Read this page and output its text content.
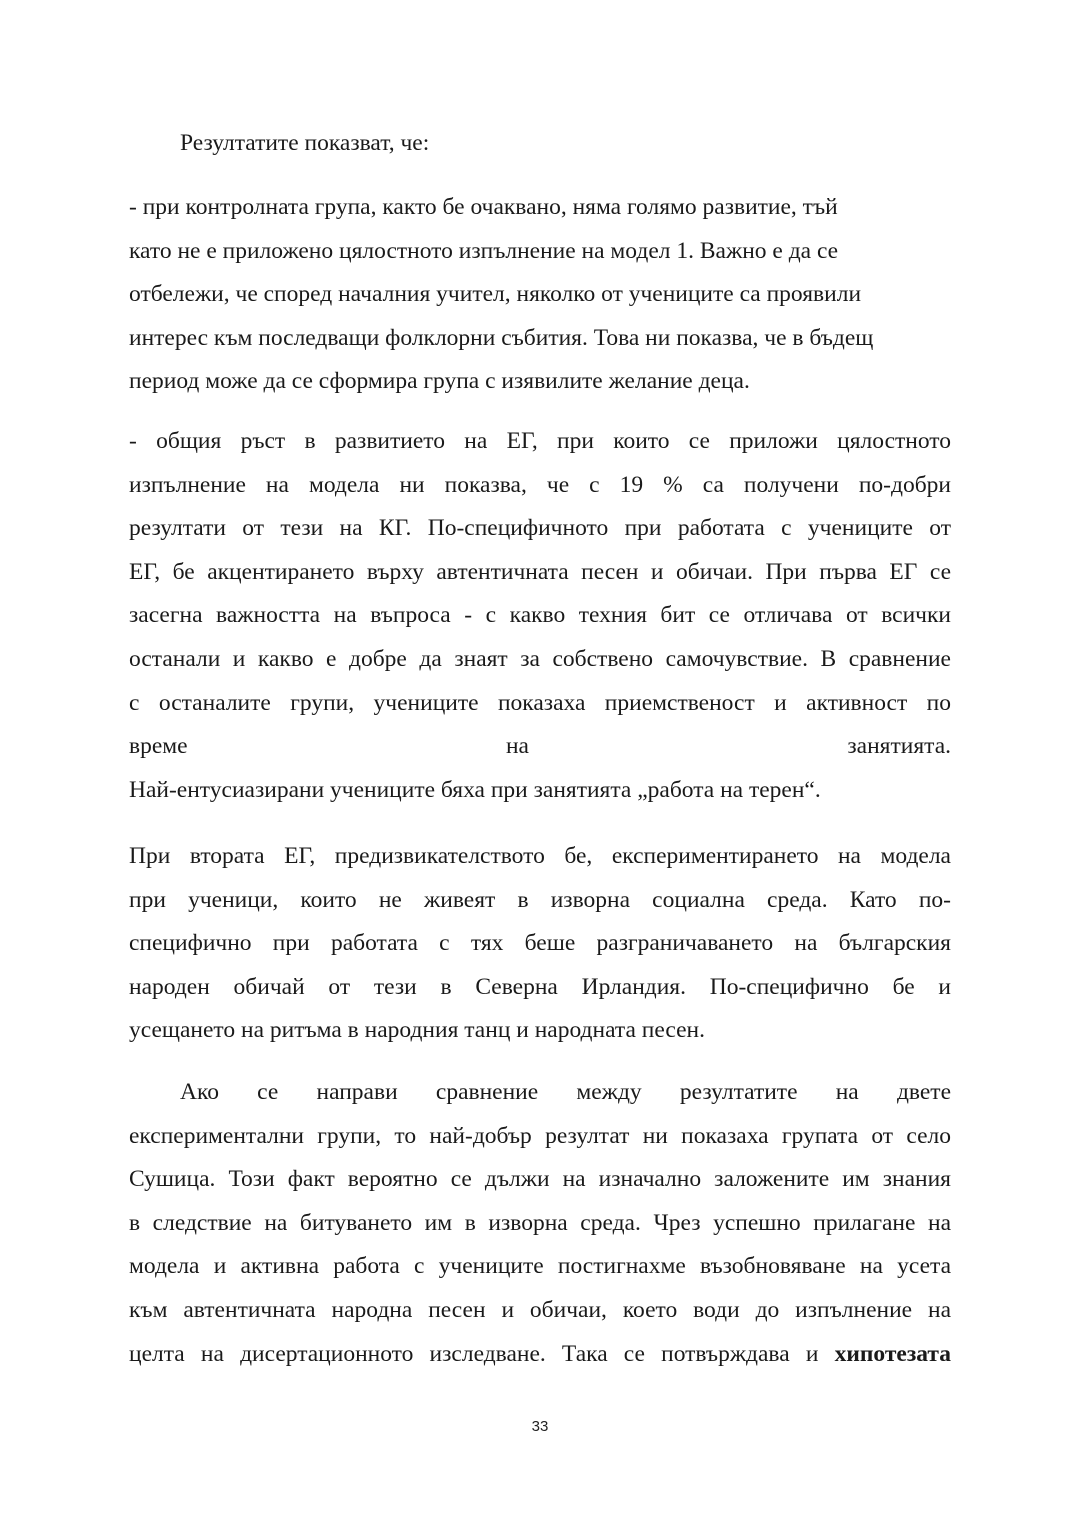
Резултатите показват, че:

- при контролната група, както бе очаквано, няма голямо развитие, тъй
като не е приложено цялостното изпълнение на модел 1. Важно е да се
отбележи, че според началния учител, няколко от учениците са проявили
интерес към последващи фолклорни събития. Това ни показва, че в бъдещ
период може да се сформира група с изявилите желание деца.

- общия ръст в развитието на ЕГ, при които се приложи цялостното
изпълнение на модела ни показва, че с 19 % са получени по-добри
резултати от тези на КГ. По-специфичното при работата с учениците от
ЕГ, бе акцентирането върху автентичната песен и обичаи. При първа ЕГ се
засегна важността на въпроса - с какво техния бит се отличава от всички
останали и какво е добре да знаят за собствено самочувствие. В сравнение
с останалите групи, учениците показаха приемственост и активност по
време на занятията.
Най-ентусиазирани учениците бяха при занятията „работа на терен“.

При втората ЕГ, предизвикателството бе, експериментирането на модела
при ученици, които не живеят в изворна социална среда. Като по-
специфично при работата с тях беше разграничаването на българския
народен обичай от тези в Северна Ирландия. По-специфично бе и
усещането на ритъма в народния танц и народната песен.

Ако се направи сравнение между резултатите на двете
експериментални групи, то най-добър резултат ни показаха групата от село
Сушица. Този факт вероятно се дължи на изначално заложените им знания
в следствие на битуването им в изворна среда. Чрез успешно прилагане на
модела и активна работа с учениците постигнахме възобновяване на усета
към автентичната народна песен и обичаи, което води до изпълнение на
целта на дисертационното изследване. Така се потвърждава и хипотезата

33
